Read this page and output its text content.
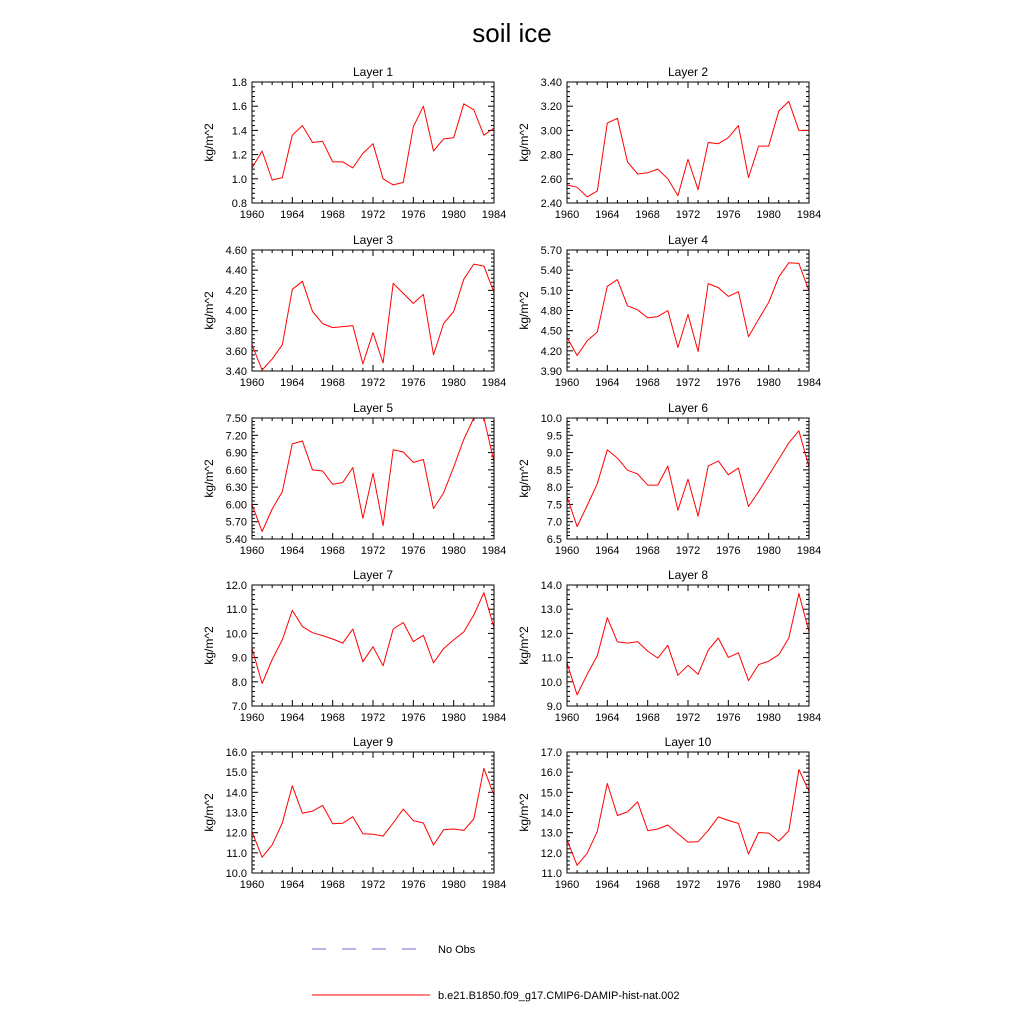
soil ice
Layer 1
kg/m^2
1960 1964 1968 1972 1976 1980 1984
0.8
1.0
1.2
1.4
1.6
1.8
Layer 2
kg/m^2
1960 1964 1968 1972 1976 1980 1984
2.40
2.60
2.80
3.00
3.20
3.40
Layer 3
kg/m^2
1960 1964 1968 1972 1976 1980 1984
3.40
3.60
3.80
4.00
4.20
4.40
4.60
Layer 4
kg/m^2
1960 1964 1968 1972 1976 1980 1984
3.90
4.20
4.50
4.80
5.10
5.40
5.70
Layer 5
kg/m^2
1960 1964 1968 1972 1976 1980 1984
5.40
5.70
6.00
6.30
6.60
6.90
7.20
7.50
Layer 6
kg/m^2
1960 1964 1968 1972 1976 1980 1984
6.5
7.0
7.5
8.0
8.5
9.0
9.5
10.0
Layer 7
kg/m^2
1960 1964 1968 1972 1976 1980 1984
7.0
8.0
9.0
10.0
11.0
12.0
Layer 8
kg/m^2
1960 1964 1968 1972 1976 1980 1984
9.0
10.0
11.0
12.0
13.0
14.0
Layer 9
kg/m^2
1960 1964 1968 1972 1976 1980 1984
10.0
11.0
12.0
13.0
14.0
15.0
16.0
Layer 10
kg/m^2
1960 1964 1968 1972 1976 1980 1984
11.0
12.0
13.0
14.0
15.0
16.0
17.0
No Obs
b.e21.B1850.f09_g17.CMIP6-DAMIP-hist-nat.002
